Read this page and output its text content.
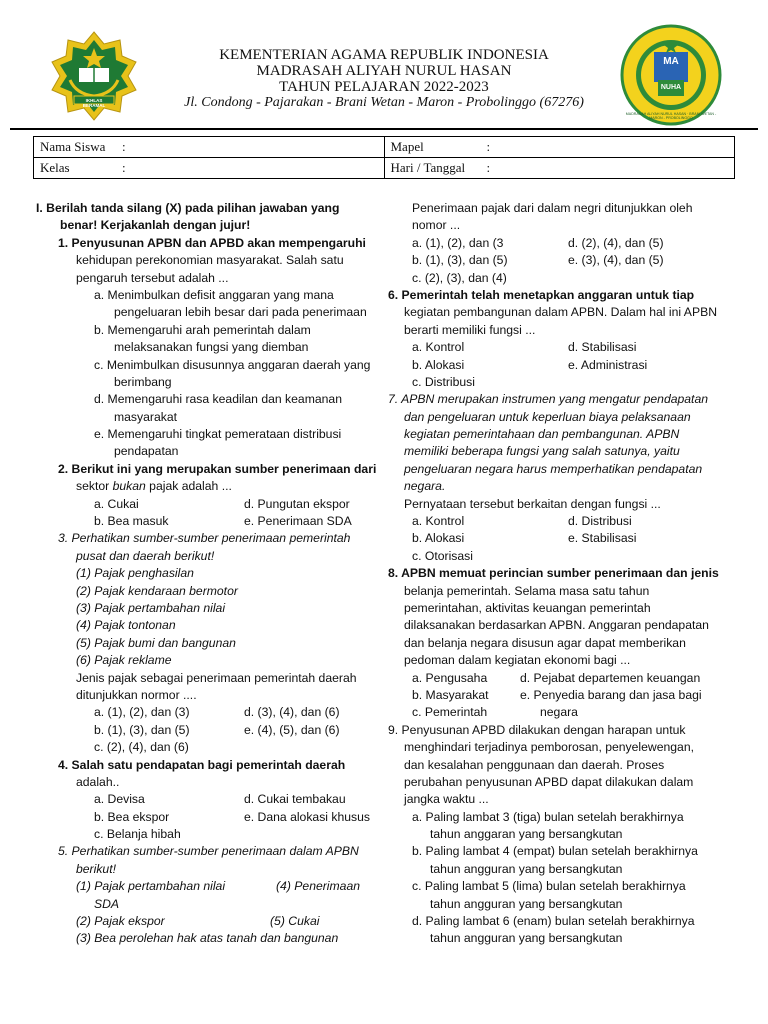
IKHLAS BERAMAL
MA
NUHA
MADRASAH ALIYAH NURUL HASAN · BRANI WETAN - MARON - PROBOLINGGO
KEMENTERIAN AGAMA REPUBLIK INDONESIA
MADRASAH ALIYAH NURUL HASAN
TAHUN PELAJARAN 2022-2023
Jl. Condong - Pajarakan - Brani Wetan - Maron - Probolinggo (67276)
Nama Siswa :	Mapel :
Kelas :	Hari / Tanggal :
I. Berilah tanda silang (X) pada pilihan jawaban yang
benar! Kerjakanlah dengan jujur!
1. Penyusunan APBN dan APBD akan mempengaruhi
kehidupan perekonomian masyarakat. Salah satu
pengaruh tersebut adalah ...
a. Menimbulkan defisit anggaran yang mana
pengeluaran lebih besar dari pada penerimaan
b. Memengaruhi arah pemerintah dalam
melaksanakan fungsi yang diemban
c. Menimbulkan disusunnya anggaran daerah yang
berimbang
d. Memengaruhi rasa keadilan dan keamanan
masyarakat
e. Memengaruhi tingkat pemerataan distribusi
pendapatan
2. Berikut ini yang merupakan sumber penerimaan dari
sektor bukan pajak adalah ...
a. Cukai	d. Pungutan ekspor
b. Bea masuk	e. Penerimaan SDA
3. Perhatikan sumber-sumber penerimaan pemerintah
pusat dan daerah berikut!
(1) Pajak penghasilan
(2) Pajak kendaraan bermotor
(3) Pajak pertambahan nilai
(4) Pajak tontonan
(5) Pajak bumi dan bangunan
(6) Pajak reklame
Jenis pajak sebagai penerimaan pemerintah daerah
ditunjukkan normor ....
a. (1), (2), dan (3)	d. (3), (4), dan (6)
b. (1), (3), dan (5)	e. (4), (5), dan (6)
c. (2), (4), dan (6)
4. Salah satu pendapatan bagi pemerintah daerah
adalah..
a. Devisa	d. Cukai tembakau
b. Bea ekspor	e. Dana alokasi khusus
c. Belanja hibah
5. Perhatikan sumber-sumber penerimaan dalam APBN
berikut!
(1) Pajak pertambahan nilai	(4) Penerimaan
SDA
(2) Pajak ekspor	(5) Cukai
(3) Bea perolehan hak atas tanah dan bangunan
Penerimaan pajak dari dalam negri ditunjukkan oleh
nomor ...
a. (1), (2), dan (3	d. (2), (4), dan (5)
b. (1), (3), dan (5)	e. (3), (4), dan (5)
c. (2), (3), dan (4)
6. Pemerintah telah menetapkan anggaran untuk tiap
kegiatan pembangunan dalam APBN. Dalam hal ini APBN
berarti memiliki fungsi ...
a. Kontrol	d. Stabilisasi
b. Alokasi	e. Administrasi
c. Distribusi
7. APBN merupakan instrumen yang mengatur pendapatan
dan pengeluaran untuk keperluan biaya pelaksanaan
kegiatan pemerintahaan dan pembangunan. APBN
memiliki beberapa fungsi yang salah satunya, yaitu
pengeluaran negara harus memperhatikan pendapatan
negara.
Pernyataan tersebut berkaitan dengan fungsi ...
a. Kontrol	d. Distribusi
b. Alokasi	e. Stabilisasi
c. Otorisasi
8. APBN memuat perincian sumber penerimaan dan jenis
belanja pemerintah. Selama masa satu tahun
pemerintahan, aktivitas keuangan pemerintah
dilaksanakan berdasarkan APBN. Anggaran pendapatan
dan belanja negara disusun agar dapat memberikan
pedoman dalam kegiatan ekonomi bagi ...
a. Pengusaha	d. Pejabat departemen keuangan
b. Masyarakat	e. Penyedia barang dan jasa bagi
c. Pemerintah	negara
9. Penyusunan APBD dilakukan dengan harapan untuk
menghindari terjadinya pemborosan, penyelewengan,
dan kesalahan penggunaan dan daerah. Proses
perubahan penyusunan APBD dapat dilakukan dalam
jangka waktu ...
a. Paling lambat 3 (tiga) bulan setelah berakhirnya
tahun anggaran yang bersangkutan
b. Paling lambat 4 (empat) bulan setelah berakhirnya
tahun angguran yang bersangkutan
c. Paling lambat 5 (lima) bulan setelah berakhirnya
tahun angguran yang bersangkutan
d. Paling lambat 6 (enam) bulan setelah berakhirnya
tahun angguran yang bersangkutan
